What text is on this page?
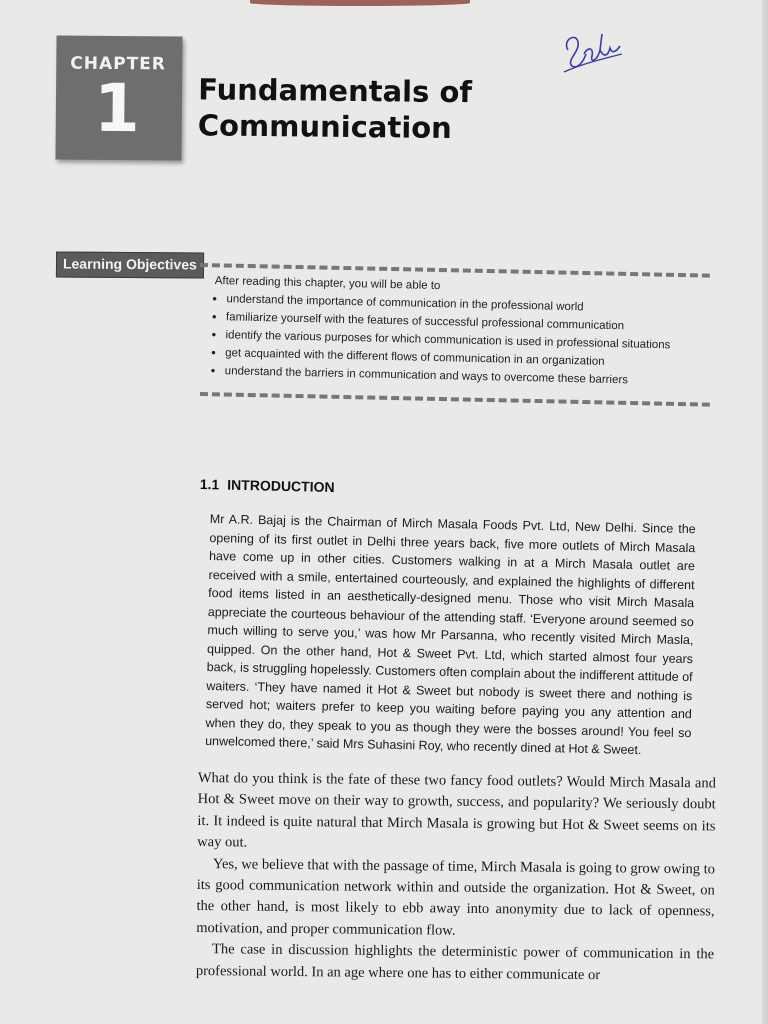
CHAPTER
1 Fundamentals of Communication
Learning Objectives
After reading this chapter, you will be able to
• understand the importance of communication in the professional world
• familiarize yourself with the features of successful professional communication
• identify the various purposes for which communication is used in professional situations
• get acquainted with the different flows of communication in an organization
• understand the barriers in communication and ways to overcome these barriers
1.1 INTRODUCTION
Mr A.R. Bajaj is the Chairman of Mirch Masala Foods Pvt. Ltd, New Delhi. Since the opening of its first outlet in Delhi three years back, five more outlets of Mirch Masala have come up in other cities. Customers walking in at a Mirch Masala outlet are received with a smile, entertained courteously, and explained the highlights of different food items listed in an aesthetically-designed menu. Those who visit Mirch Masala appreciate the courteous behaviour of the attending staff. ‘Everyone around seemed so much willing to serve you,’ was how Mr Parsanna, who recently visited Mirch Masla, quipped. On the other hand, Hot & Sweet Pvt. Ltd, which started almost four years back, is struggling hopelessly. Customers often complain about the indifferent attitude of waiters. ‘They have named it Hot & Sweet but nobody is sweet there and nothing is served hot; waiters prefer to keep you waiting before paying you any attention and when they do, they speak to you as though they were the bosses around! You feel so unwelcomed there,’ said Mrs Suhasini Roy, who recently dined at Hot & Sweet.

What do you think is the fate of these two fancy food outlets? Would Mirch Masala and Hot & Sweet move on their way to growth, success, and popularity? We seriously doubt it. It indeed is quite natural that Mirch Masala is growing but Hot & Sweet seems on its way out.

Yes, we believe that with the passage of time, Mirch Masala is going to grow owing to its good communication network within and outside the organization. Hot & Sweet, on the other hand, is most likely to ebb away into anonymity due to lack of openness, motivation, and proper communication flow.

The case in discussion highlights the deterministic power of communication in the professional world. In an age where one has to either communicate or
